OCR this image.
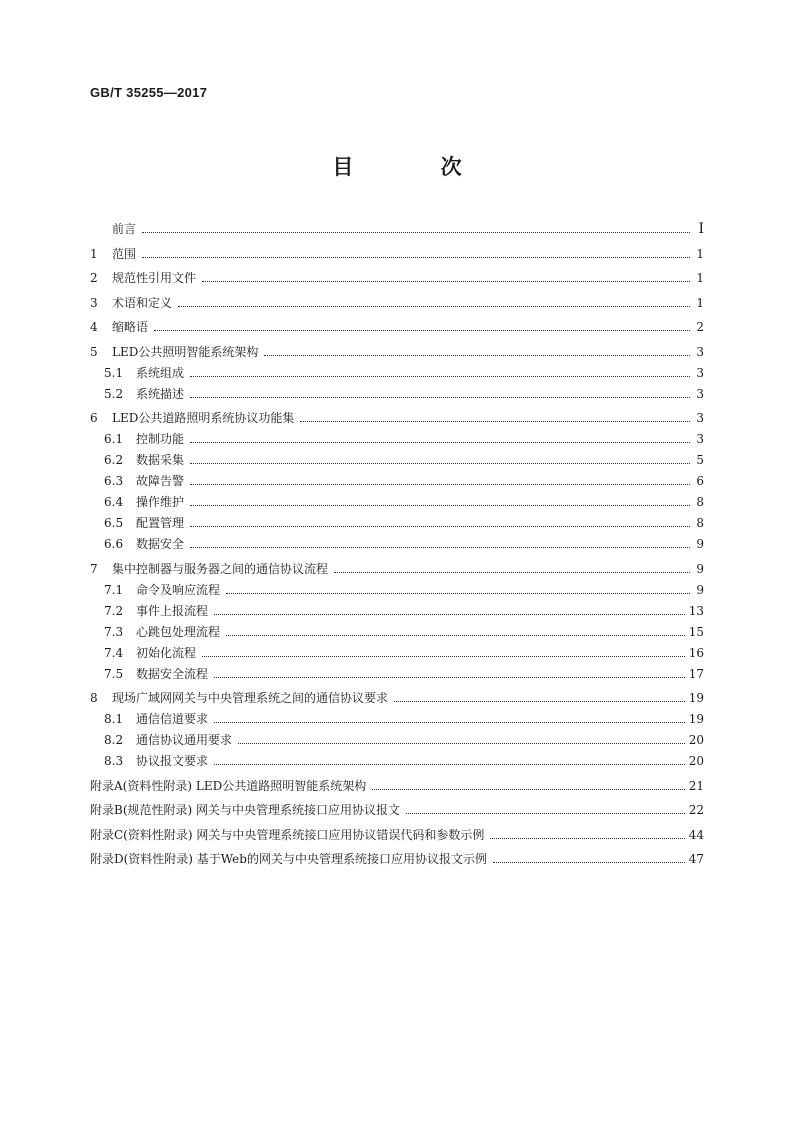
GB/T 35255—2017
目 次
前言	I
1	范围	1
2	规范性引用文件	1
3	术语和定义	1
4	缩略语	2
5	LED公共照明智能系统架构	3
5.1	系统组成	3
5.2	系统描述	3
6	LED公共道路照明系统协议功能集	3
6.1	控制功能	3
6.2	数据采集	5
6.3	故障告警	6
6.4	操作维护	8
6.5	配置管理	8
6.6	数据安全	9
7	集中控制器与服务器之间的通信协议流程	9
7.1	命令及响应流程	9
7.2	事件上报流程	13
7.3	心跳包处理流程	15
7.4	初始化流程	16
7.5	数据安全流程	17
8	现场广域网网关与中央管理系统之间的通信协议要求	19
8.1	通信信道要求	19
8.2	通信协议通用要求	20
8.3	协议报文要求	20
附录A(资料性附录) LED公共道路照明智能系统架构	21
附录B(规范性附录) 网关与中央管理系统接口应用协议报文	22
附录C(资料性附录) 网关与中央管理系统接口应用协议错误代码和参数示例	44
附录D(资料性附录) 基于Web的网关与中央管理系统接口应用协议报文示例	47
